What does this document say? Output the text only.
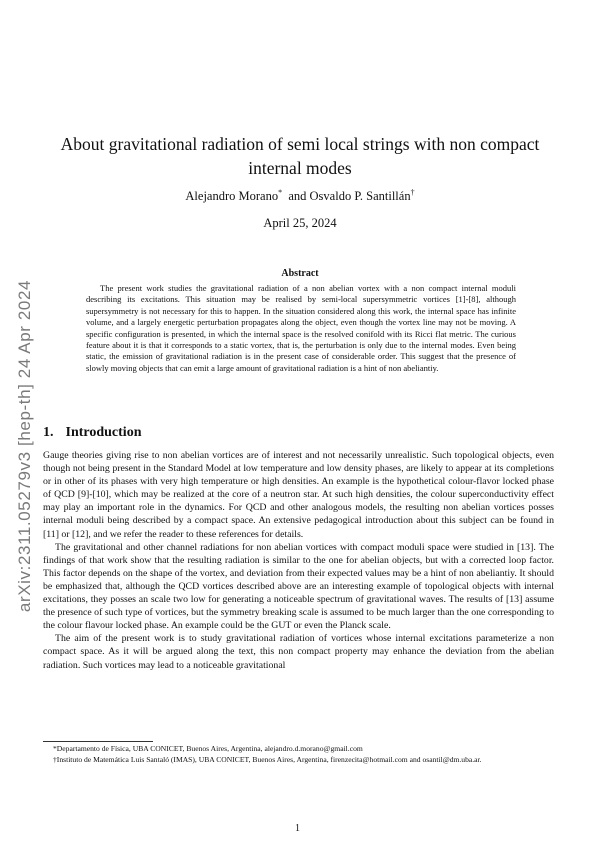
arXiv:2311.05279v3 [hep-th] 24 Apr 2024
About gravitational radiation of semi local strings with non compact internal modes
Alejandro Morano* and Osvaldo P. Santillán†
April 25, 2024
Abstract

The present work studies the gravitational radiation of a non abelian vortex with a non compact internal moduli describing its excitations. This situation may be realised by semi-local supersymmetric vortices [1]-[8], although supersymmetry is not necessary for this to happen. In the situation considered along this work, the internal space has infinite volume, and a largely energetic perturbation propagates along the object, even though the vortex line may not be moving. A specific configuration is presented, in which the internal space is the resolved conifold with its Ricci flat metric. The curious feature about it is that it corresponds to a static vortex, that is, the perturbation is only due to the internal modes. Even being static, the emission of gravitational radiation is in the present case of considerable order. This suggest that the presence of slowly moving objects that can emit a large amount of gravitational radiation is a hint of non abeliantiy.

1. Introduction

Gauge theories giving rise to non abelian vortices are of interest and not necessarily unrealistic. Such topological objects, even though not being present in the Standard Model at low temperature and low density phases, are likely to appear at its completions or in other of its phases with very high temperature or high densities. An example is the hypothetical colour-flavor locked phase of QCD [9]-[10], which may be realized at the core of a neutron star. At such high densities, the colour superconductivity effect may play an important role in the dynamics. For QCD and other analogous models, the resulting non abelian vortices posses internal moduli being described by a compact space. An extensive pedagogical introduction about this subject can be found in [11] or [12], and we refer the reader to these references for details.

The gravitational and other channel radiations for non abelian vortices with compact moduli space were studied in [13]. The findings of that work show that the resulting radiation is similar to the one for abelian objects, but with a corrected loop factor. This factor depends on the shape of the vortex, and deviation from their expected values may be a hint of non abeliantiy. It should be emphasized that, although the QCD vortices described above are an interesting example of topological objects with internal excitations, they posses an scale two low for generating a noticeable spectrum of gravitational waves. The results of [13] assume the presence of such type of vortices, but the symmetry breaking scale is assumed to be much larger than the one corresponding to the colour flavour locked phase. An example could be the GUT or even the Planck scale.

The aim of the present work is to study gravitational radiation of vortices whose internal excitations parameterize a non compact space. As it will be argued along the text, this non compact property may enhance the deviation from the abelian radiation. Such vortices may lead to a noticeable gravitational

*Departamento de Física, UBA CONICET, Buenos Aires, Argentina, alejandro.d.morano@gmail.com

†Instituto de Matemática Luis Santaló (IMAS), UBA CONICET, Buenos Aires, Argentina, firenzecita@hotmail.com and osantil@dm.uba.ar.

1
